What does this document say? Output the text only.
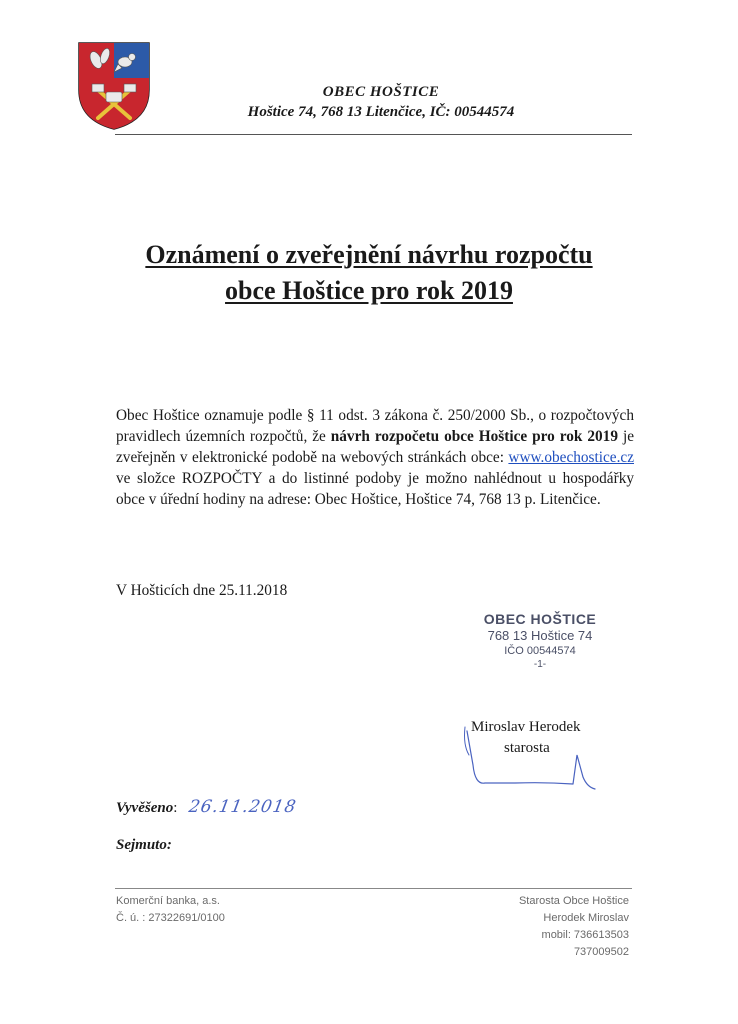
OBEC HOŠTICE
Hoštice 74, 768 13 Litenčice, IČ: 00544574
Oznámení o zveřejnění návrhu rozpočtu
obce Hoštice pro rok 2019
Obec Hoštice oznamuje podle § 11 odst. 3 zákona č. 250/2000 Sb., o rozpočtových pravidlech územních rozpočtů, že návrh rozpočetu obce Hoštice pro rok 2019 je zveřejněn v elektronické podobě na webových stránkách obce: www.obechostice.cz ve složce ROZPOČTY a do listinné podoby je možno nahlédnout u hospodářky obce v úřední hodiny na adrese: Obec Hoštice, Hoštice 74, 768 13 p. Litenčice.
V Hošticích dne 25.11.2018
OBEC HOŠTICE
768 13 Hoštice 74
IČO 00544574
-1-
Miroslav Herodek
starosta
Vyvěšeno: 26.11.2018
Sejmuto:
Komerční banka, a.s.
Č. ú. : 27322691/0100
Starosta Obce Hoštice
Herodek Miroslav
mobil: 736613503
737009502
